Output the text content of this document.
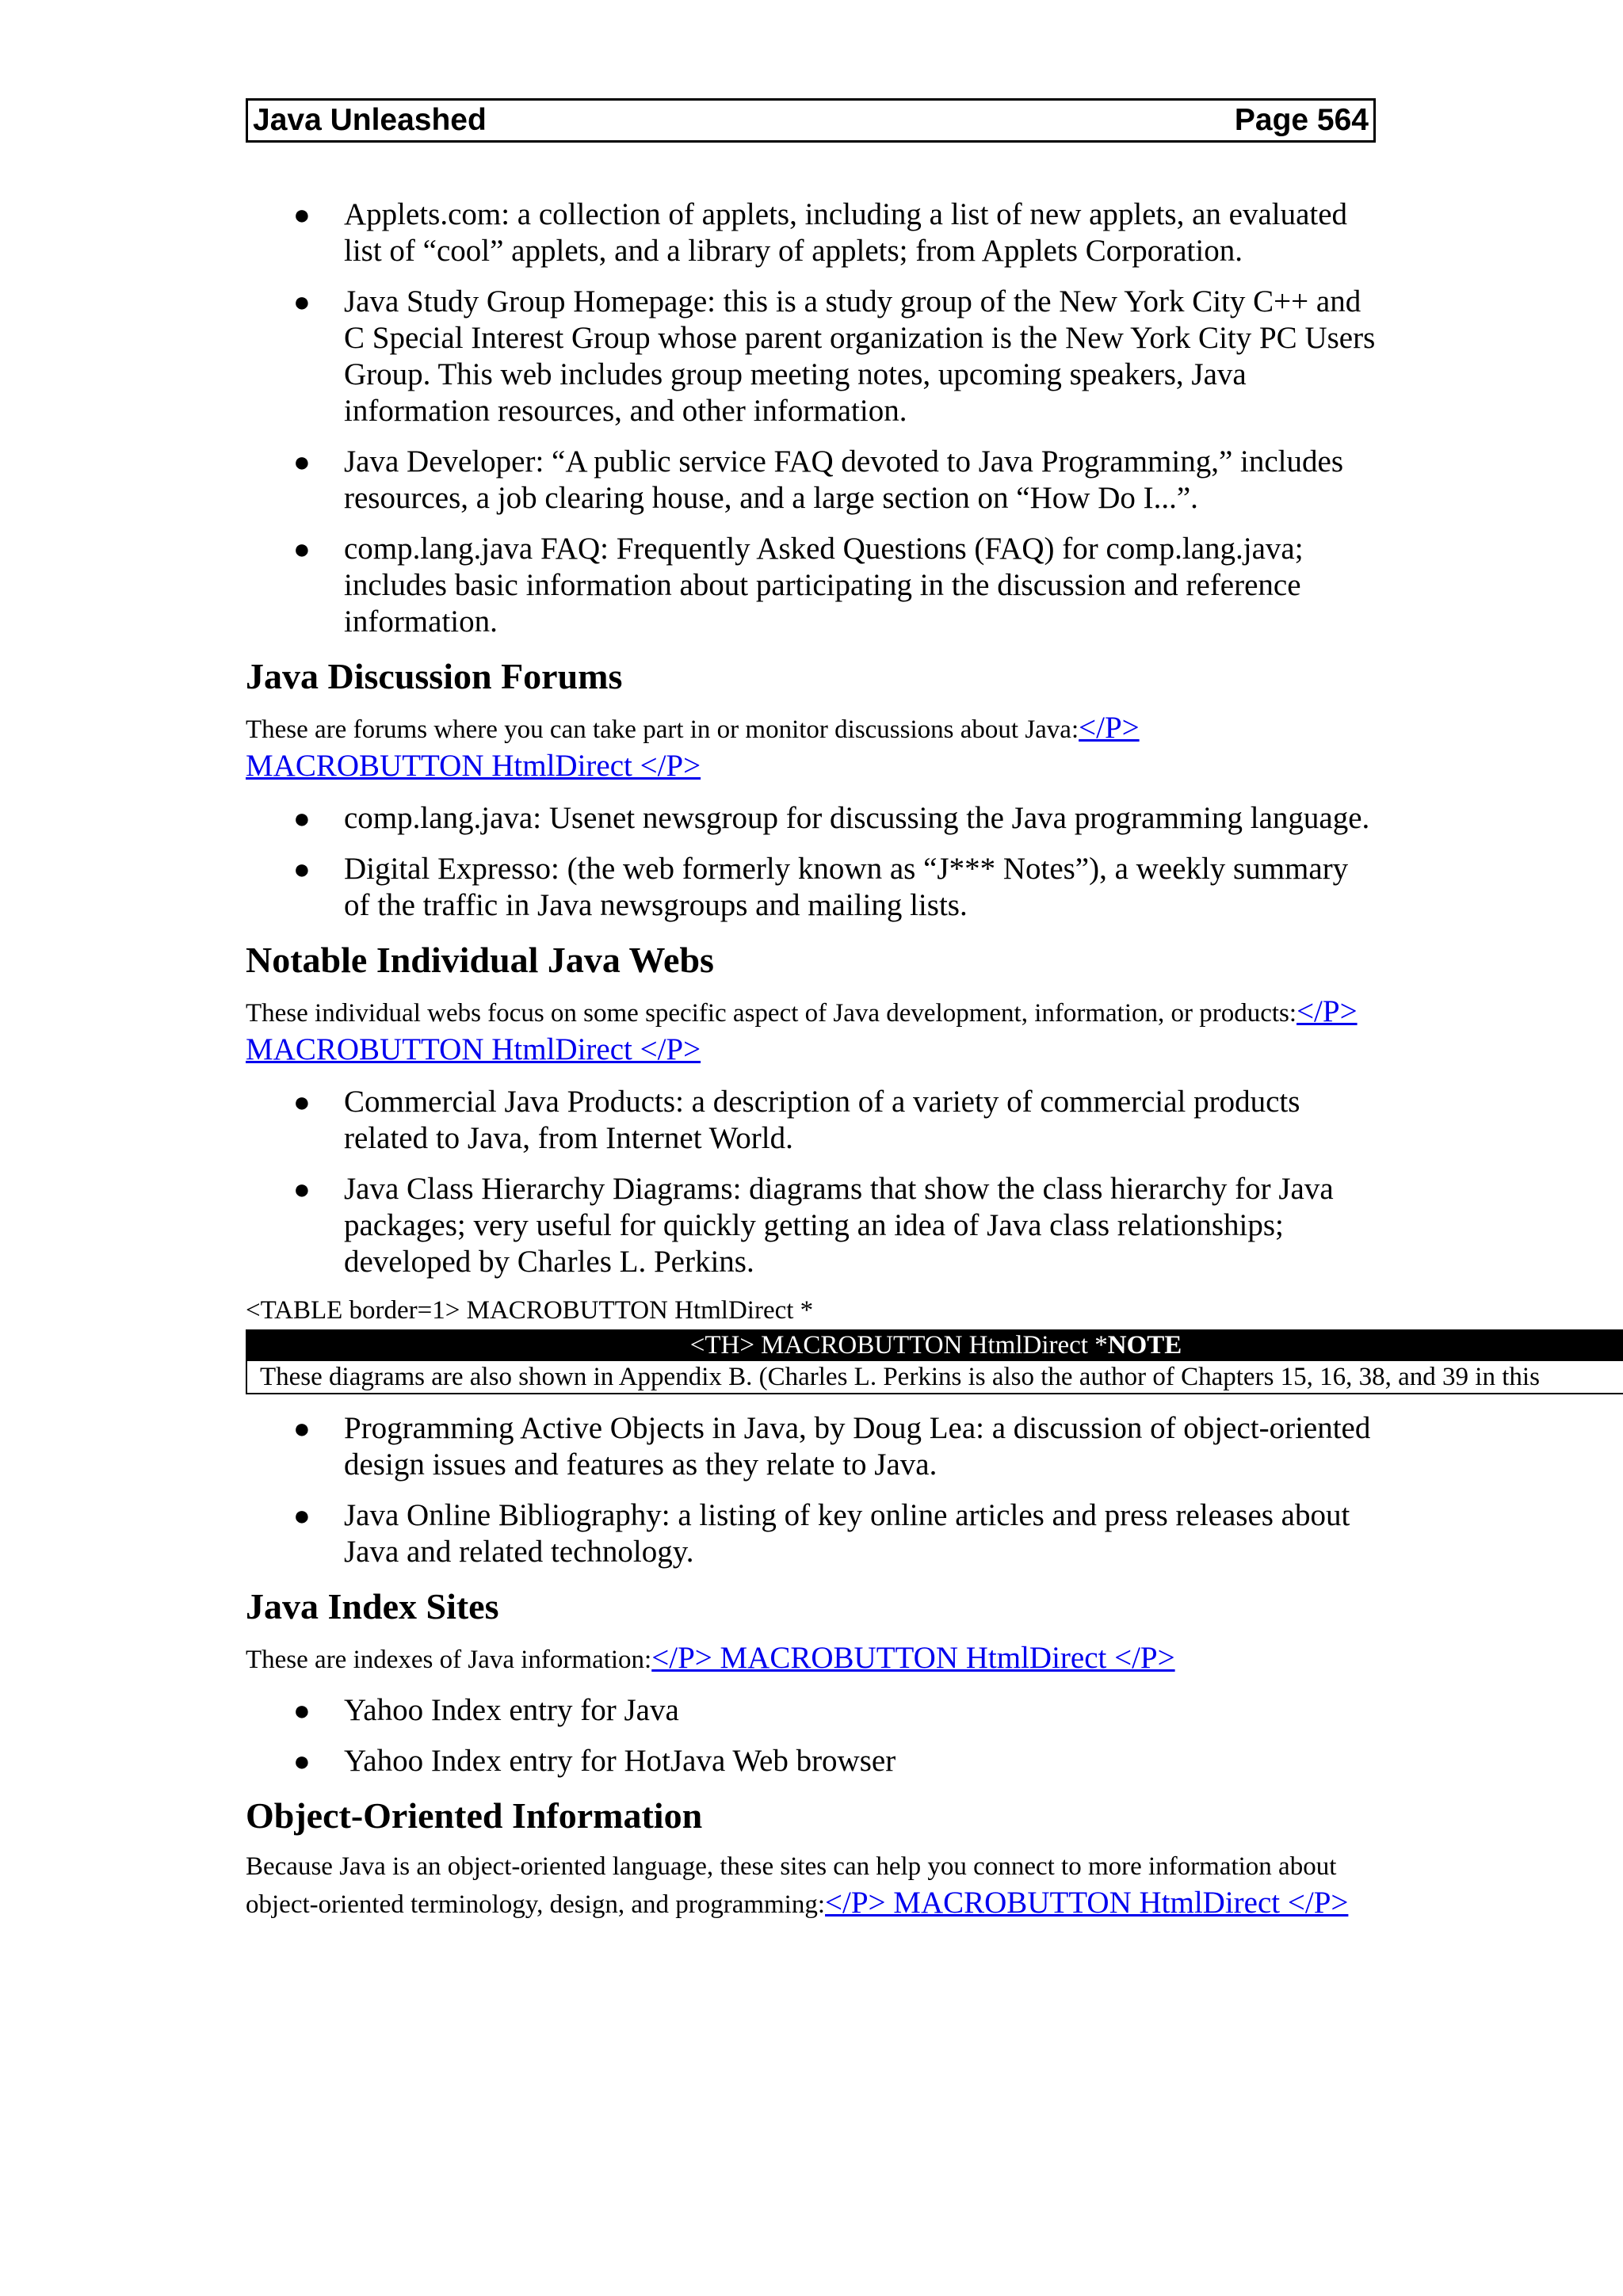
Java Unleashed	Page 564
● Applets.com: a collection of applets, including a list of new applets, an evaluated list of “cool” applets, and a library of applets; from Applets Corporation.
● Java Study Group Homepage: this is a study group of the New York City C++ and C Special Interest Group whose parent organization is the New York City PC Users Group. This web includes group meeting notes, upcoming speakers, Java information resources, and other information.
● Java Developer: “A public service FAQ devoted to Java Programming,” includes resources, a job clearing house, and a large section on “How Do I...”.
● comp.lang.java FAQ: Frequently Asked Questions (FAQ) for comp.lang.java; includes basic information about participating in the discussion and reference information.
Java Discussion Forums

These are forums where you can take part in or monitor discussions about Java:</P> MACROBUTTON HtmlDirect </P>

● comp.lang.java: Usenet newsgroup for discussing the Java programming language.
● Digital Expresso: (the web formerly known as “J*** Notes”), a weekly summary of the traffic in Java newsgroups and mailing lists.
Notable Individual Java Webs

These individual webs focus on some specific aspect of Java development, information, or products:</P> MACROBUTTON HtmlDirect </P>

● Commercial Java Products: a description of a variety of commercial products related to Java, from Internet World.
● Java Class Hierarchy Diagrams: diagrams that show the class hierarchy for Java packages; very useful for quickly getting an idea of Java class relationships; developed by Charles L. Perkins.

<TABLE border=1> MACROBUTTON HtmlDirect *

<TH> MACROBUTTON HtmlDirect *NOTE
These diagrams are also shown in Appendix B. (Charles L. Perkins is also the author of Chapters 15, 16, 38, and 39 in this
● Programming Active Objects in Java, by Doug Lea: a discussion of object-oriented design issues and features as they relate to Java.
● Java Online Bibliography: a listing of key online articles and press releases about Java and related technology.
Java Index Sites

These are indexes of Java information:</P> MACROBUTTON HtmlDirect </P>

● Yahoo Index entry for Java
● Yahoo Index entry for HotJava Web browser
Object-Oriented Information

Because Java is an object-oriented language, these sites can help you connect to more information about object-oriented terminology, design, and programming:</P> MACROBUTTON HtmlDirect </P>
